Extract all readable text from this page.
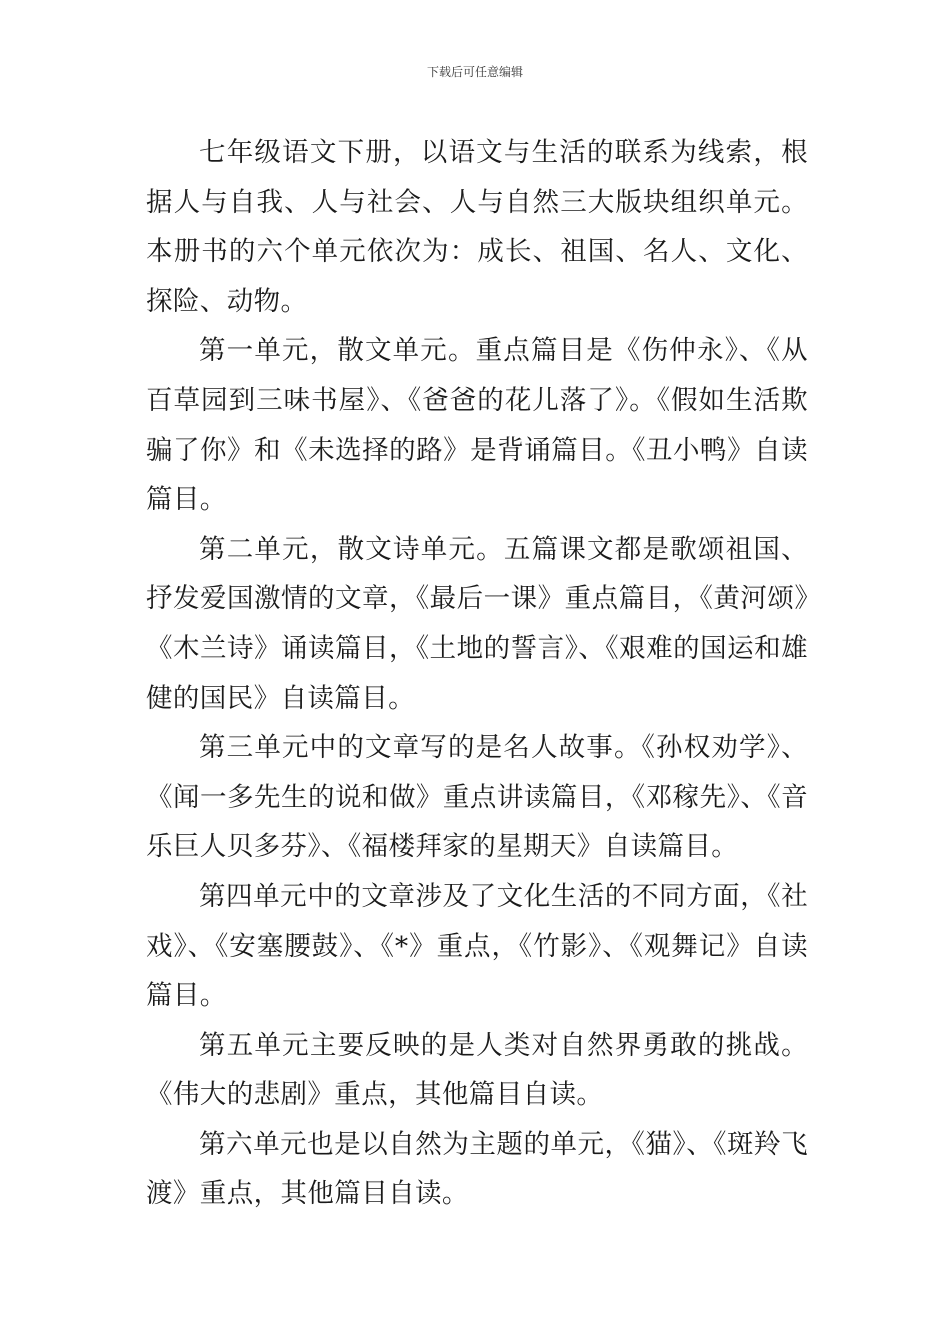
下载后可任意编辑

七年级语文下册，以语文与生活的联系为线索，根据人与自我、人与社会、人与自然三大版块组织单元。本册书的六个单元依次为：成长、祖国、名人、文化、探险、动物。

第一单元，散文单元。重点篇目是《伤仲永》、《从百草园到三味书屋》、《爸爸的花儿落了》。《假如生活欺骗了你》和《未选择的路》是背诵篇目。《丑小鸭》自读篇目。

第二单元，散文诗单元。五篇课文都是歌颂祖国、抒发爱国激情的文章，《最后一课》重点篇目，《黄河颂》《木兰诗》诵读篇目，《土地的誓言》、《艰难的国运和雄健的国民》自读篇目。

第三单元中的文章写的是名人故事。《孙权劝学》、《闻一多先生的说和做》重点讲读篇目，《邓稼先》、《音乐巨人贝多芬》、《福楼拜家的星期天》自读篇目。

第四单元中的文章涉及了文化生活的不同方面，《社戏》、《安塞腰鼓》、《*》重点，《竹影》、《观舞记》自读篇目。

第五单元主要反映的是人类对自然界勇敢的挑战。《伟大的悲剧》重点，其他篇目自读。

第六单元也是以自然为主题的单元，《猫》、《斑羚飞渡》重点，其他篇目自读。
